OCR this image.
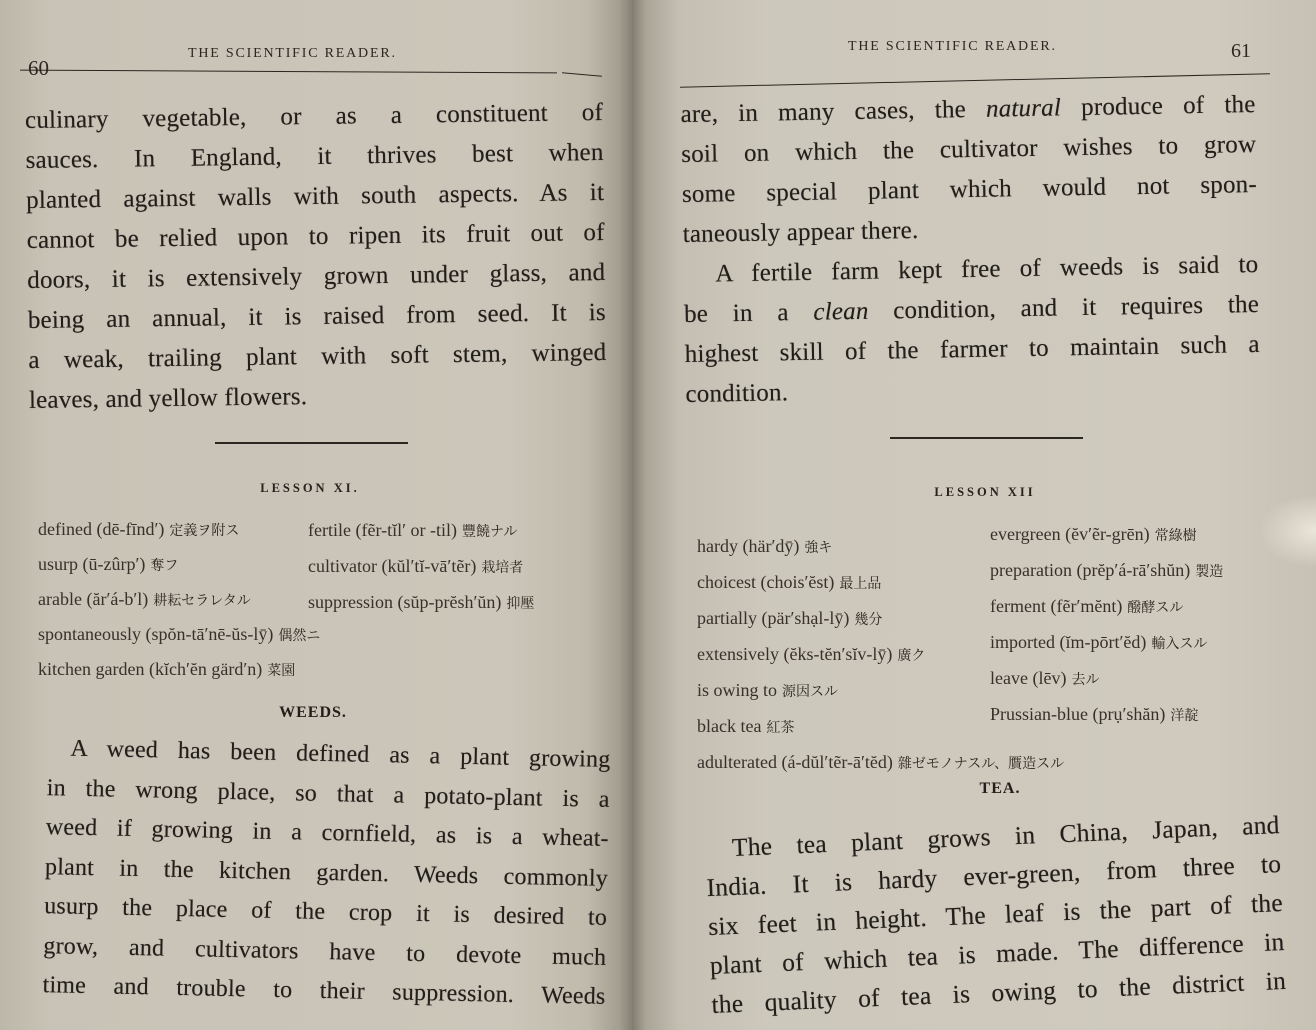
60
THE SCIENTIFIC READER.
culinary vegetable, or as a constituent of
sauces. In England, it thrives best when
planted against walls with south aspects. As it
cannot be relied upon to ripen its fruit out of
doors, it is extensively grown under glass, and
being an annual, it is raised from seed. It is
a weak, trailing plant with soft stem, winged
leaves, and yellow flowers.
LESSON XI.
defined (dē-fīnd′) 定義ヲ附ス
usurp (ū-zûrp′) 奪フ
arable (ăr′á-b′l) 耕耘セラレタル
spontaneously (spŏn-tā′nē-ŭs-lȳ) 偶然ニ
kitchen garden (kĭch′ĕn gärd′n) 菜園
fertile (fẽr-tĭl′ or -til) 豐饒ナル
cultivator (kŭl′tĭ-vā′tẽr) 栽培者
suppression (sŭp-prĕsh′ŭn) 抑壓
WEEDS.
A weed has been defined as a plant growing
in the wrong place, so that a potato-plant is a
weed if growing in a cornfield, as is a wheat-
plant in the kitchen garden. Weeds commonly
usurp the place of the crop it is desired to
grow, and cultivators have to devote much
time and trouble to their suppression. Weeds
THE SCIENTIFIC READER.	61
are, in many cases, the natural produce of the
soil on which the cultivator wishes to grow
some special plant which would not spon-
taneously appear there.
A fertile farm kept free of weeds is said to
be in a clean condition, and it requires the
highest skill of the farmer to maintain such a
condition.
LESSON XII
hardy (här′dȳ) 強キ
choicest (chois′ĕst) 最上品
partially (pär′shạl-lȳ) 幾分
extensively (ĕks-tĕn′sĭv-lȳ) 廣ク
is owing to 源因スル
black tea 紅茶
adulterated (á-dŭl′tẽr-ā′tĕd) 雜ゼモノナスル、贋造スル
evergreen (ĕv′ẽr-grēn) 常綠樹
preparation (prĕp′á-rā′shŭn) 製造
ferment (fẽr′mĕnt) 醱酵スル
imported (ĭm-pōrt′ĕd) 輸入スル
leave (lēv) 去ル
Prussian-blue (prụ′shăn) 洋靛
TEA.
The tea plant grows in China, Japan, and
India. It is hardy ever-green, from three to
six feet in height. The leaf is the part of the
plant of which tea is made. The difference in
the quality of tea is owing to the district in
